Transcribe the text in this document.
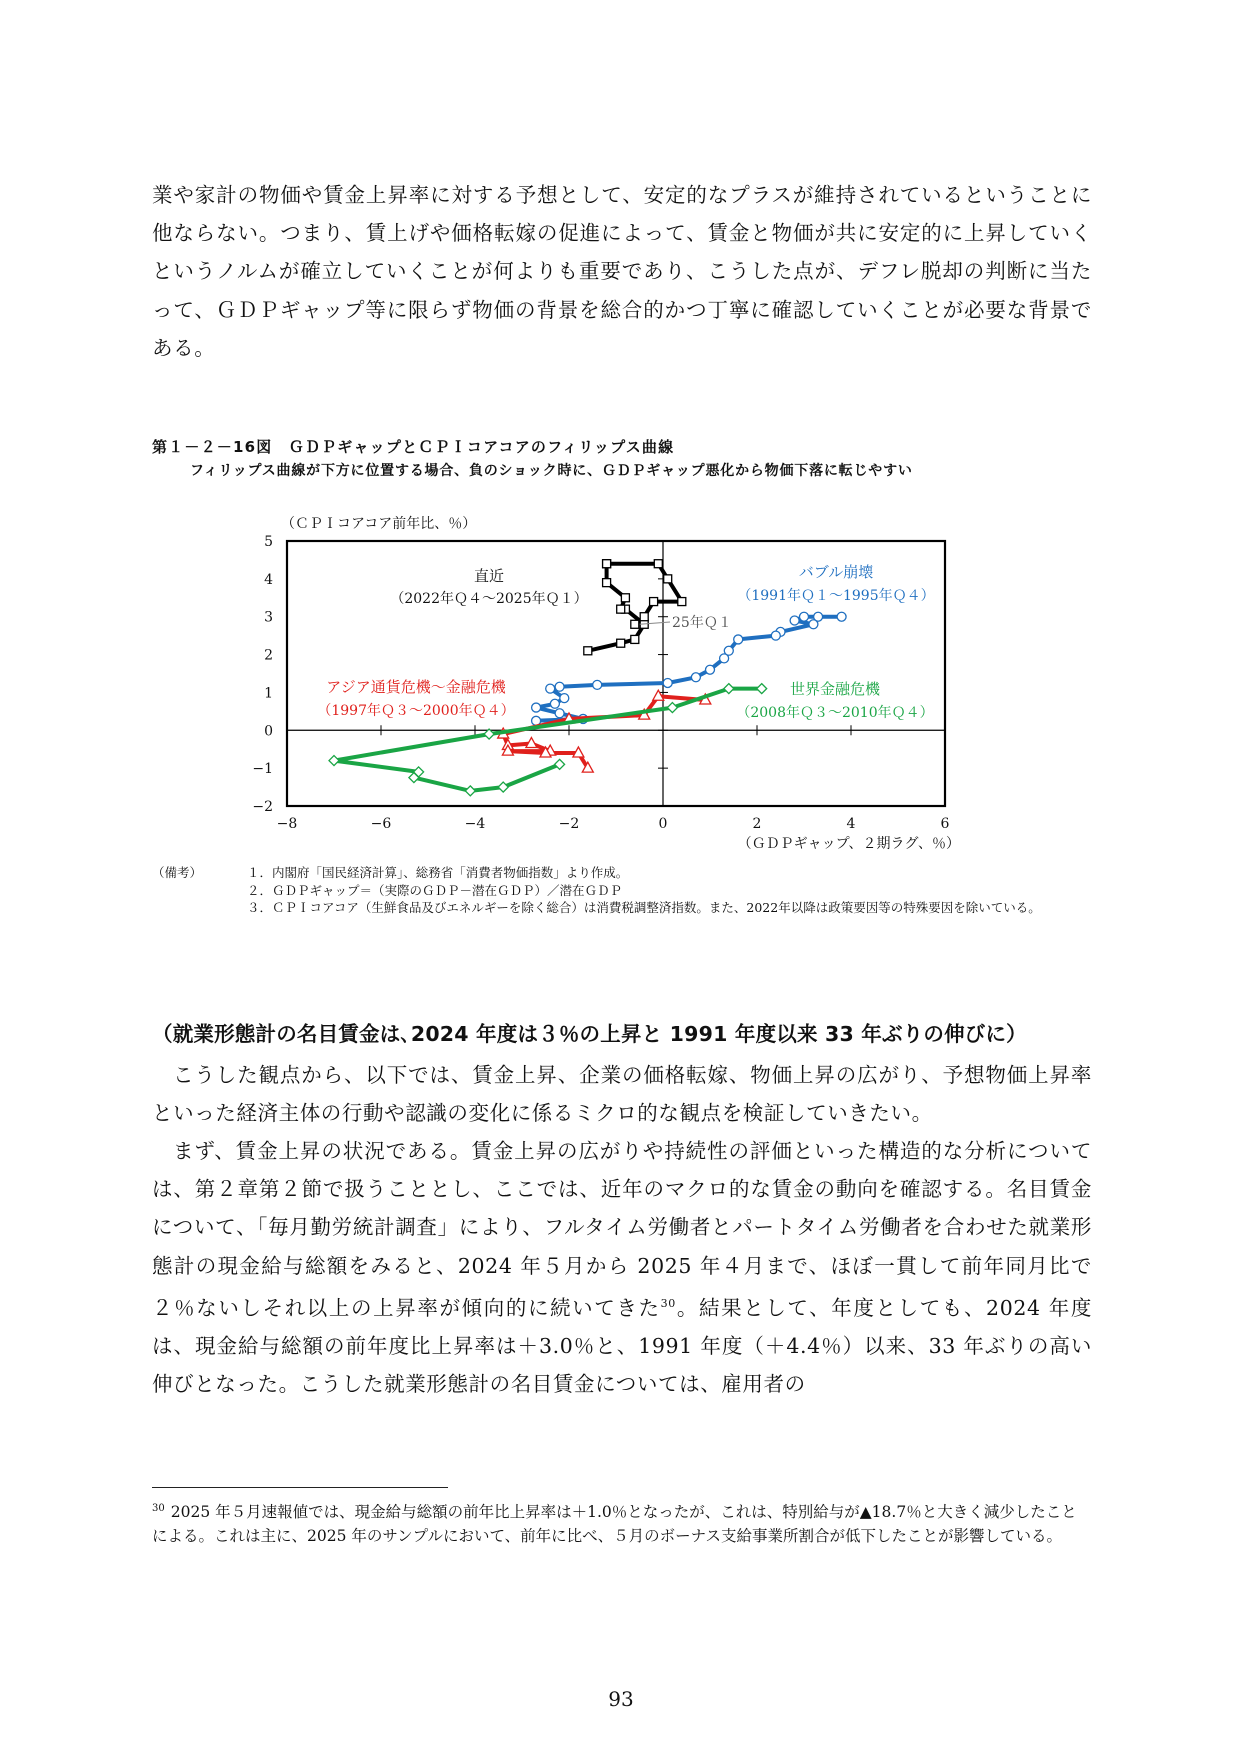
業や家計の物価や賃金上昇率に対する予想として、安定的なプラスが維持されているということに他ならない。つまり、賃上げや価格転嫁の促進によって、賃金と物価が共に安定的に上昇していくというノルムが確立していくことが何よりも重要であり、こうした点が、デフレ脱却の判断に当たって、ＧＤＰギャップ等に限らず物価の背景を総合的かつ丁寧に確認していくことが必要な背景である。

第１－２－16図　ＧＤＰギャップとＣＰＩコアコアのフィリップス曲線

フィリップス曲線が下方に位置する場合、負のショック時に、ＧＤＰギャップ悪化から物価下落に転じやすい

（ＣＰＩコアコア前年比、％）
（ＧＤＰギャップ、２期ラグ、％）
−8	−6	−4	−2	0	2	4	6
5
4
3
2
1
0
−1
−2
直近
（2022年Ｑ４～2025年Ｑ１）
バブル崩壊
（1991年Ｑ１～1995年Ｑ４）
アジア通貨危機～金融危機
（1997年Ｑ３～2000年Ｑ４）
世界金融危機
（2008年Ｑ３～2010年Ｑ４）
25年Ｑ１
（備考）	１．内閣府「国民経済計算」、総務省「消費者物価指数」より作成。
２．ＧＤＰギャップ＝（実際のＧＤＰ－潜在ＧＤＰ）／潜在ＧＤＰ
３．ＣＰＩコアコア（生鮮食品及びエネルギーを除く総合）は消費税調整済指数。また、2022年以降は政策要因等の特殊要因を除いている。
（就業形態計の名目賃金は､2024 年度は３％の上昇と 1991 年度以来 33 年ぶりの伸びに）

こうした観点から、以下では、賃金上昇、企業の価格転嫁、物価上昇の広がり、予想物価上昇率といった経済主体の行動や認識の変化に係るミクロ的な観点を検証していきたい。

まず、賃金上昇の状況である。賃金上昇の広がりや持続性の評価といった構造的な分析については、第２章第２節で扱うこととし、ここでは、近年のマクロ的な賃金の動向を確認する。名目賃金について、「毎月勤労統計調査」により、フルタイム労働者とパートタイム労働者を合わせた就業形態計の現金給与総額をみると、2024 年５月から 2025 年４月まで、ほぼ一貫して前年同月比で２％ないしそれ以上の上昇率が傾向的に続いてきた$^{30}$。結果として、年度としても、2024 年度は、現金給与総額の前年度比上昇率は＋3.0％と、1991 年度（＋4.4％）以来、33 年ぶりの高い伸びとなった。こうした就業形態計の名目賃金については、雇用者の

$^{30}$ 2025 年５月速報値では、現金給与総額の前年比上昇率は＋1.0％となったが、これは、特別給与が▲18.7％と大きく減少したことによる。これは主に、2025 年のサンプルにおいて、前年に比べ、５月のボーナス支給事業所割合が低下したことが影響している。

93
